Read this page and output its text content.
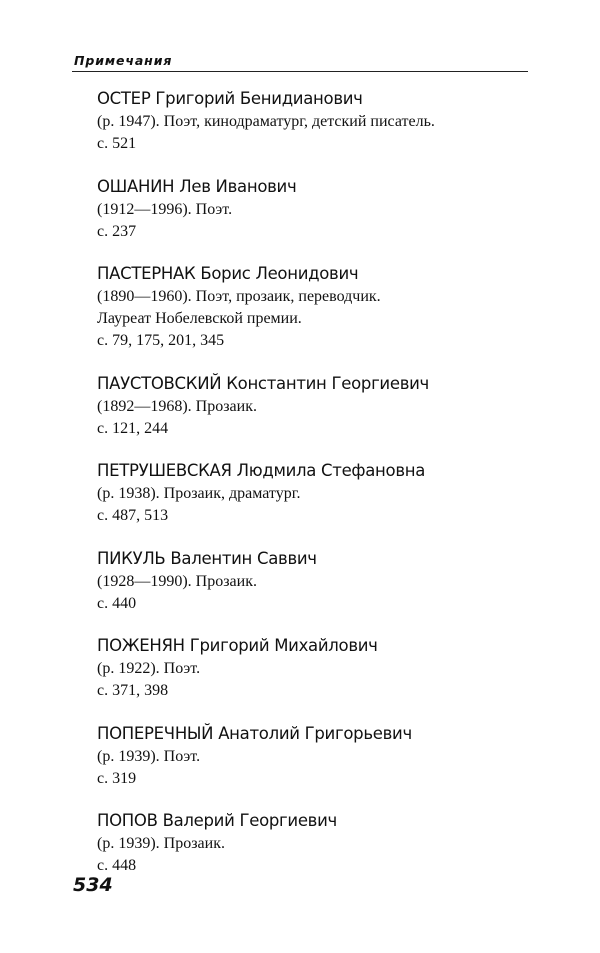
Примечания
ОСТЕР Григорий Бенидианович
(р. 1947). Поэт, кинодраматург, детский писатель.
с. 521
ОШАНИН Лев Иванович
(1912—1996). Поэт.
с. 237
ПАСТЕРНАК Борис Леонидович
(1890—1960). Поэт, прозаик, переводчик.
Лауреат Нобелевской премии.
с. 79, 175, 201, 345
ПАУСТОВСКИЙ Константин Георгиевич
(1892—1968). Прозаик.
с. 121, 244
ПЕТРУШЕВСКАЯ Людмила Стефановна
(р. 1938). Прозаик, драматург.
с. 487, 513
ПИКУЛЬ Валентин Саввич
(1928—1990). Прозаик.
с. 440
ПОЖЕНЯН Григорий Михайлович
(р. 1922). Поэт.
с. 371, 398
ПОПЕРЕЧНЫЙ Анатолий Григорьевич
(р. 1939). Поэт.
с. 319
ПОПОВ Валерий Георгиевич
(р. 1939). Прозаик.
с. 448
534
